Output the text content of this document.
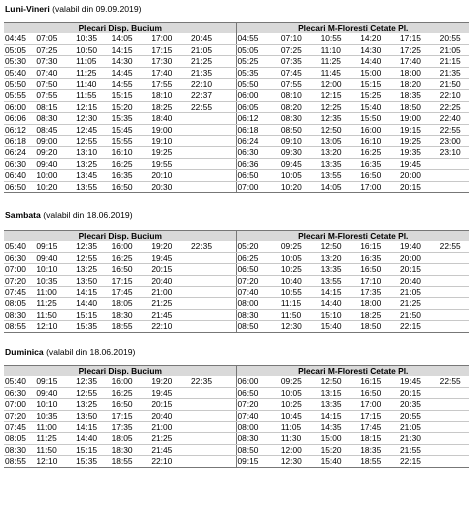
Luni-Vineri (valabil din 09.09.2019)
Plecari Disp. Bucium						Plecari M-Floresti Cetate Pl.					
04:45	07:05	10:35	14:05	17:00	20:45	04:55	07:10	10:55	14:20	17:15	20:55
05:05	07:25	10:50	14:15	17:15	21:05	05:05	07:25	11:10	14:30	17:25	21:05
05:30	07:30	11:05	14:30	17:30	21:25	05:25	07:35	11:25	14:40	17:40	21:15
05:40	07:40	11:25	14:45	17:40	21:35	05:35	07:45	11:45	15:00	18:00	21:35
05:50	07:50	11:40	14:55	17:55	22:10	05:50	07:55	12:00	15:15	18:20	21:50
05:55	07:55	11:55	15:15	18:10	22:37	06:00	08:10	12:15	15:25	18:35	22:10
06:00	08:15	12:15	15:20	18:25	22:55	06:05	08:20	12:25	15:40	18:50	22:25
06:06	08:30	12:30	15:35	18:40		06:12	08:30	12:35	15:50	19:00	22:40
06:12	08:45	12:45	15:45	19:00		06:18	08:50	12:50	16:00	19:15	22:55
06:18	09:00	12:55	15:55	19:10		06:24	09:10	13:05	16:10	19:25	23:00
06:24	09:20	13:10	16:10	19:25		06:30	09:30	13:20	16:25	19:35	23:10
06:30	09:40	13:25	16:25	19:55		06:36	09:45	13:35	16:35	19:45	
06:40	10:00	13:45	16:35	20:10		06:50	10:05	13:55	16:50	20:00	
06:50	10:20	13:55	16:50	20:30		07:00	10:20	14:05	17:00	20:15	
Sambata (valabil din 18.06.2019)
Plecari Disp. Bucium						Plecari M-Floresti Cetate Pl.					
05:40	09:15	12:35	16:00	19:20	22:35	05:20	09:25	12:50	16:15	19:40	22:55
06:30	09:40	12:55	16:25	19:45		06:25	10:05	13:20	16:35	20:00	
07:00	10:10	13:25	16:50	20:15		06:50	10:25	13:35	16:50	20:15	
07:20	10:35	13:50	17:15	20:40		07:20	10:40	13:55	17:10	20:40	
07:45	11:00	14:15	17:45	21:00		07:40	10:55	14:15	17:35	21:05	
08:05	11:25	14:40	18:05	21:25		08:00	11:15	14:40	18:00	21:25	
08:30	11:50	15:15	18:30	21:45		08:30	11:50	15:10	18:25	21:50	
08:55	12:10	15:35	18:55	22:10		08:50	12:30	15:40	18:50	22:15	
Duminica (valabil din 18.06.2019)
Plecari Disp. Bucium						Plecari M-Floresti Cetate Pl.					
05:40	09:15	12:35	16:00	19:20	22:35	06:00	09:25	12:50	16:15	19:45	22:55
06:30	09:40	12:55	16:25	19:45		06:50	10:05	13:15	16:50	20:15	
07:00	10:10	13:25	16:50	20:15		07:20	10:25	13:35	17:00	20:35	
07:20	10:35	13:50	17:15	20:40		07:40	10:45	14:15	17:15	20:55	
07:45	11:00	14:15	17:35	21:00		08:00	11:05	14:35	17:45	21:05	
08:05	11:25	14:40	18:05	21:25		08:30	11:30	15:00	18:15	21:30	
08:30	11:50	15:15	18:30	21:45		08:50	12:00	15:20	18:35	21:55	
08:55	12:10	15:35	18:55	22:10		09:15	12:30	15:40	18:55	22:15	
